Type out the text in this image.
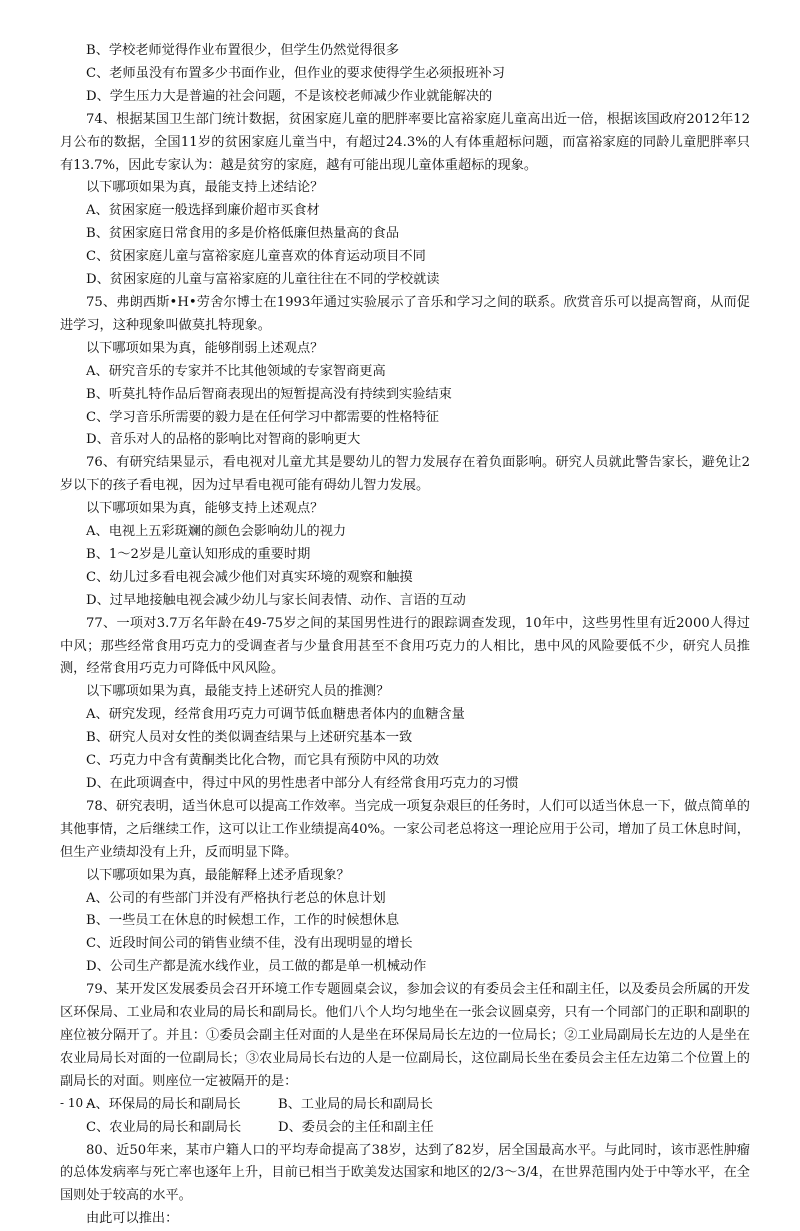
B、学校老师觉得作业布置很少，但学生仍然觉得很多
C、老师虽没有布置多少书面作业，但作业的要求使得学生必须报班补习
D、学生压力大是普遍的社会问题，不是该校老师减少作业就能解决的
74、根据某国卫生部门统计数据，贫困家庭儿童的肥胖率要比富裕家庭儿童高出近一倍，根据该国政府2012年12月公布的数据，全国11岁的贫困家庭儿童当中，有超过24.3%的人有体重超标问题，而富裕家庭的同龄儿童肥胖率只有13.7%，因此专家认为：越是贫穷的家庭，越有可能出现儿童体重超标的现象。
以下哪项如果为真，最能支持上述结论？
A、贫困家庭一般选择到廉价超市买食材
B、贫困家庭日常食用的多是价格低廉但热量高的食品
C、贫困家庭儿童与富裕家庭儿童喜欢的体育运动项目不同
D、贫困家庭的儿童与富裕家庭的儿童往往在不同的学校就读
75、弗朗西斯•H•劳舍尔博士在1993年通过实验展示了音乐和学习之间的联系。欣赏音乐可以提高智商，从而促进学习，这种现象叫做莫扎特现象。
以下哪项如果为真，能够削弱上述观点？
A、研究音乐的专家并不比其他领域的专家智商更高
B、听莫扎特作品后智商表现出的短暂提高没有持续到实验结束
C、学习音乐所需要的毅力是在任何学习中都需要的性格特征
D、音乐对人的品格的影响比对智商的影响更大
76、有研究结果显示，看电视对儿童尤其是婴幼儿的智力发展存在着负面影响。研究人员就此警告家长，避免让2岁以下的孩子看电视，因为过早看电视可能有碍幼儿智力发展。
以下哪项如果为真，能够支持上述观点？
A、电视上五彩斑斓的颜色会影响幼儿的视力
B、1～2岁是儿童认知形成的重要时期
C、幼儿过多看电视会减少他们对真实环境的观察和触摸
D、过早地接触电视会减少幼儿与家长间表情、动作、言语的互动
77、一项对3.7万名年龄在49-75岁之间的某国男性进行的跟踪调查发现，10年中，这些男性里有近2000人得过中风；那些经常食用巧克力的受调查者与少量食用甚至不食用巧克力的人相比，患中风的风险要低不少，研究人员推测，经常食用巧克力可降低中风风险。
以下哪项如果为真，最能支持上述研究人员的推测？
A、研究发现，经常食用巧克力可调节低血糖患者体内的血糖含量
B、研究人员对女性的类似调查结果与上述研究基本一致
C、巧克力中含有黄酮类比化合物，而它具有预防中风的功效
D、在此项调查中，得过中风的男性患者中部分人有经常食用巧克力的习惯
78、研究表明，适当休息可以提高工作效率。当完成一项复杂艰巨的任务时，人们可以适当休息一下，做点简单的其他事情，之后继续工作，这可以让工作业绩提高40%。一家公司老总将这一理论应用于公司，增加了员工休息时间，但生产业绩却没有上升，反而明显下降。
以下哪项如果为真，最能解释上述矛盾现象？
A、公司的有些部门并没有严格执行老总的休息计划
B、一些员工在休息的时候想工作，工作的时候想休息
C、近段时间公司的销售业绩不佳，没有出现明显的增长
D、公司生产都是流水线作业，员工做的都是单一机械动作
79、某开发区发展委员会召开环境工作专题圆桌会议，参加会议的有委员会主任和副主任，以及委员会所属的开发区环保局、工业局和农业局的局长和副局长。他们八个人均匀地坐在一张会议圆桌旁，只有一个同部门的正职和副职的座位被分隔开了。并且：①委员会副主任对面的人是坐在环保局局长左边的一位局长；②工业局副局长左边的人是坐在农业局局长对面的一位副局长；③农业局局长右边的人是一位副局长，这位副局长坐在委员会主任左边第二个位置上的副局长的对面。则座位一定被隔开的是：
A、环保局的局长和副局长	B、工业局的局长和副局长
C、农业局的局长和副局长	D、委员会的主任和副主任
80、近50年来，某市户籍人口的平均寿命提高了38岁，达到了82岁，居全国最高水平。与此同时，该市恶性肿瘤的总体发病率与死亡率也逐年上升，目前已相当于欧美发达国家和地区的2/3～3/4，在世界范围内处于中等水平，在全国则处于较高的水平。
由此可以推出：
- 10 -
